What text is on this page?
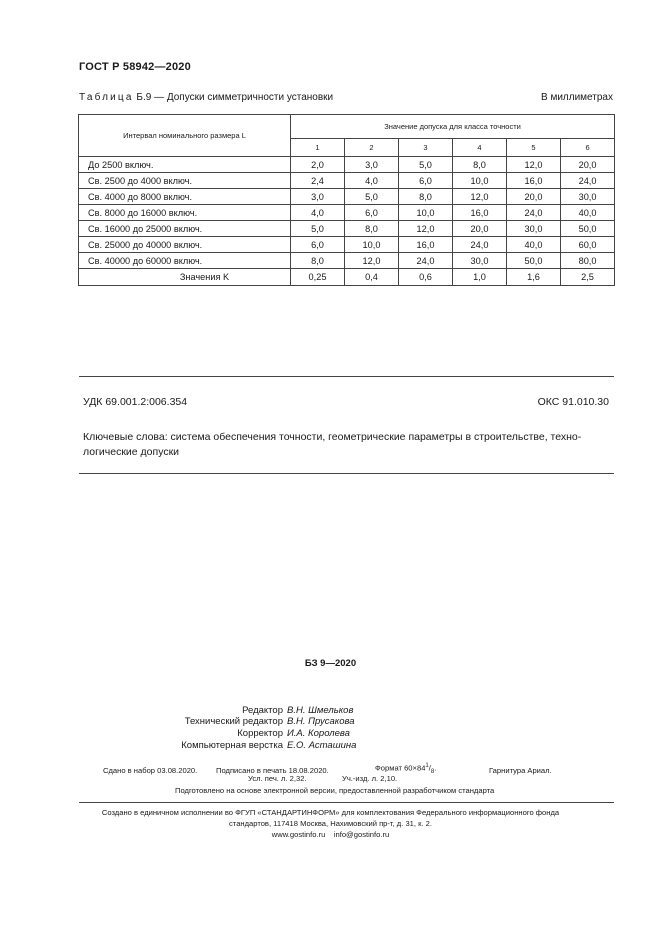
ГОСТ Р 58942—2020
Таблица Б.9 — Допуски симметричности установки	В миллиметрах
Интервал номинального размера L	Значение допуска для класса точности					
	1	2	3	4	5	6
До 2500 включ.	2,0	3,0	5,0	8,0	12,0	20,0
Св. 2500 до 4000 включ.	2,4	4,0	6,0	10,0	16,0	24,0
Св. 4000 до 8000 включ.	3,0	5,0	8,0	12,0	20,0	30,0
Св. 8000 до 16000 включ.	4,0	6,0	10,0	16,0	24,0	40,0
Св. 16000 до 25000 включ.	5,0	8,0	12,0	20,0	30,0	50,0
Св. 25000 до 40000 включ.	6,0	10,0	16,0	24,0	40,0	60,0
Св. 40000 до 60000 включ.	8,0	12,0	24,0	30,0	50,0	80,0
Значения K	0,25	0,4	0,6	1,0	1,6	2,5
УДК 69.001.2:006.354	ОКС 91.010.30
Ключевые слова: система обеспечения точности, геометрические параметры в строительстве, техно-
логические допуски
БЗ 9—2020
Редактор В.Н. Шмельков
Технический редактор В.Н. Прусакова
Корректор И.А. Королева
Компьютерная верстка Е.О. Асташина
Сдано в набор 03.08.2020. Подписано в печать 18.08.2020.	Формат $60\times 84^1/_8$.	Гарнитура Ариал.
Усл. печ. л. 2,32.	Уч.-изд. л. 2,10.
Подготовлено на основе электронной версии, предоставленной разработчиком стандарта
Создано в единичном исполнении во ФГУП «СТАНДАРТИНФОРМ» для комплектования Федерального информационного фонда
стандартов, 117418 Москва, Нахимовский пр-т, д. 31, к. 2.
www.gostinfo.ru info@gostinfo.ru
